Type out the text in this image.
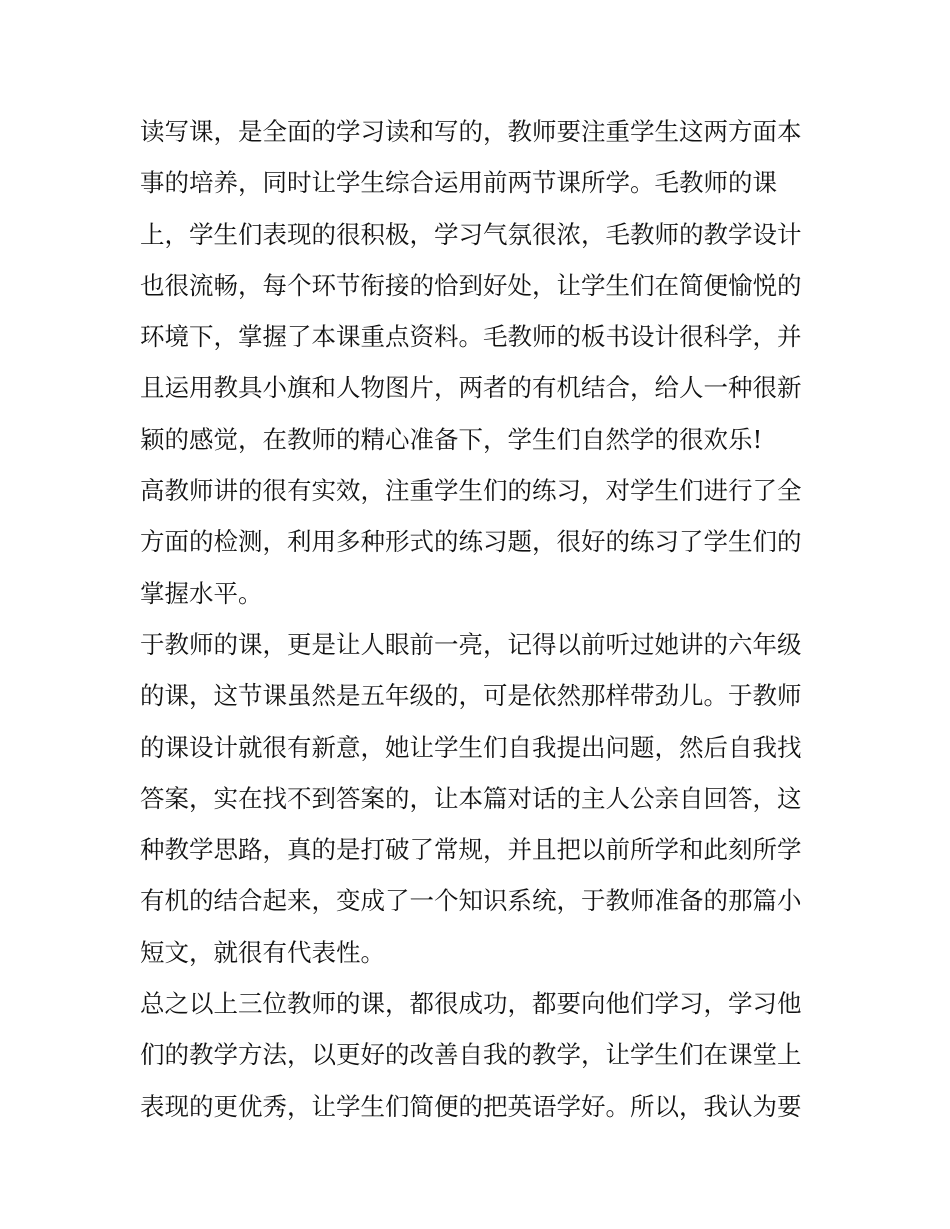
读写课，是全面的学习读和写的，教师要注重学生这两方面本
事的培养，同时让学生综合运用前两节课所学。毛教师的课
上，学生们表现的很积极，学习气氛很浓，毛教师的教学设计
也很流畅，每个环节衔接的恰到好处，让学生们在简便愉悦的
环境下，掌握了本课重点资料。毛教师的板书设计很科学，并
且运用教具小旗和人物图片，两者的有机结合，给人一种很新
颖的感觉，在教师的精心准备下，学生们自然学的很欢乐!
高教师讲的很有实效，注重学生们的练习，对学生们进行了全
方面的检测，利用多种形式的练习题，很好的练习了学生们的
掌握水平。
于教师的课，更是让人眼前一亮，记得以前听过她讲的六年级
的课，这节课虽然是五年级的，可是依然那样带劲儿。于教师
的课设计就很有新意，她让学生们自我提出问题，然后自我找
答案，实在找不到答案的，让本篇对话的主人公亲自回答，这
种教学思路，真的是打破了常规，并且把以前所学和此刻所学
有机的结合起来，变成了一个知识系统，于教师准备的那篇小
短文，就很有代表性。
总之以上三位教师的课，都很成功，都要向他们学习，学习他
们的教学方法，以更好的改善自我的教学，让学生们在课堂上
表现的更优秀，让学生们简便的把英语学好。所以，我认为要
